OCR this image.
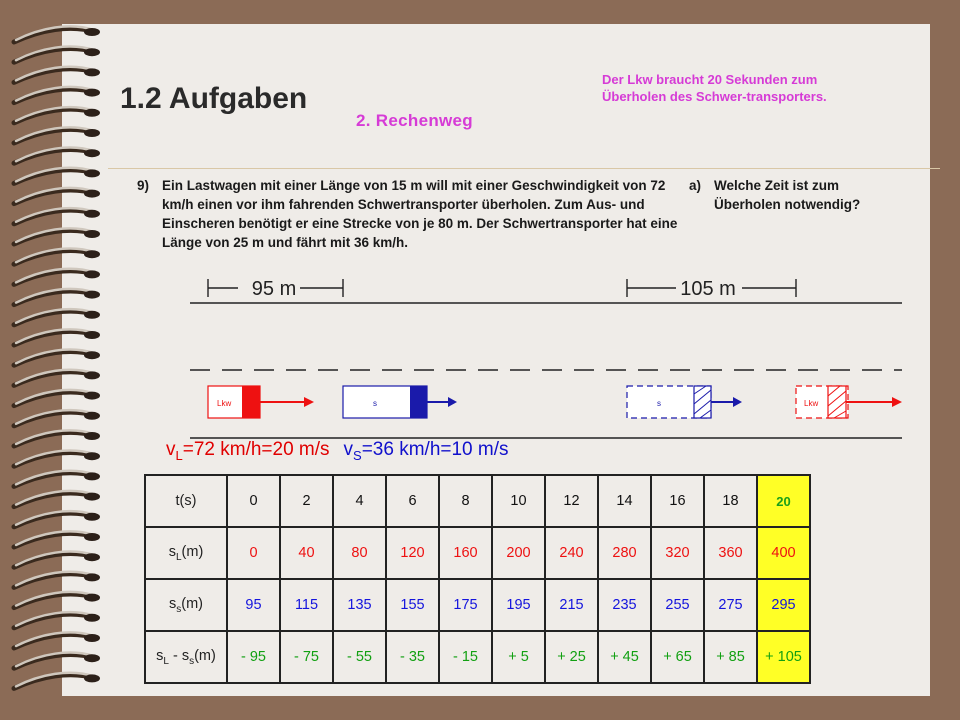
1.2 Aufgaben
2. Rechenweg
Der Lkw braucht 20 Sekunden zum Überholen des Schwer-transporters.
9) Ein Lastwagen mit einer Länge von 15 m will mit einer Geschwindigkeit von 72 km/h einen vor ihm fahrenden Schwertransporter überholen. Zum Aus- und Einscheren benötigt er eine Strecke von je 80 m. Der Schwertransporter hat eine Länge von 25 m und fährt mit 36 km/h.
a) Welche Zeit ist zum Überholen notwendig?
95 m	105 m
Lkw	s	s	Lkw
$v_L=72$ km/h=20 m/s $v_S=36$ km/h=10 m/s
t(s)	0	2	4	6	8	10	12	14	16	18	20
$s_L(m)$	0	40	80	120	160	200	240	280	320	360	400
$s_s(m)$	95	115	135	155	175	195	215	235	255	275	295
$s_L - s_s(m)$	- 95	- 75	- 55	- 35	- 15	+ 5	+ 25	+ 45	+ 65	+ 85	+ 105
